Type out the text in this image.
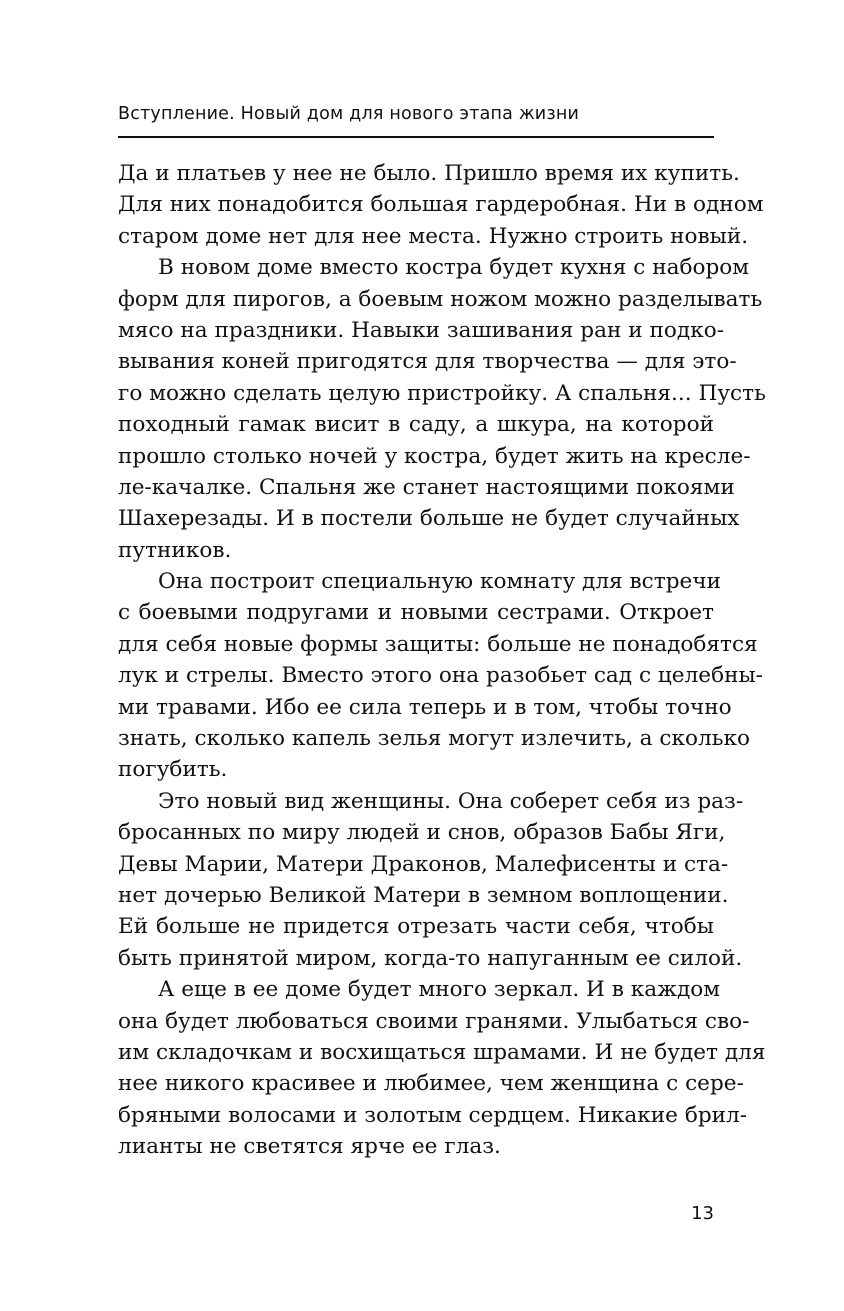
Вступление. Новый дом для нового этапа жизни
Да и платьев у нее не было. Пришло время их купить.
Для них понадобится большая гардеробная. Ни в одном
старом доме нет для нее места. Нужно строить новый.
В новом доме вместо костра будет кухня с набором
форм для пирогов, а боевым ножом можно разделывать
мясо на праздники. Навыки зашивания ран и подко-
вывания коней пригодятся для творчества — для это-
го можно сделать целую пристройку. А спальня... Пусть
походный гамак висит в саду, а шкура, на которой
прошло столько ночей у костра, будет жить на кресле-
ле-качалке. Спальня же станет настоящими покоями
Шахерезады. И в постели больше не будет случайных
путников.
Она построит специальную комнату для встречи
с боевыми подругами и новыми сестрами. Откроет
для себя новые формы защиты: больше не понадобятся
лук и стрелы. Вместо этого она разобьет сад с целебны-
ми травами. Ибо ее сила теперь и в том, чтобы точно
знать, сколько капель зелья могут излечить, а сколько
погубить.
Это новый вид женщины. Она соберет себя из раз-
бросанных по миру людей и снов, образов Бабы Яги,
Девы Марии, Матери Драконов, Малефисенты и ста-
нет дочерью Великой Матери в земном воплощении.
Ей больше не придется отрезать части себя, чтобы
быть принятой миром, когда-то напуганным ее силой.
А еще в ее доме будет много зеркал. И в каждом
она будет любоваться своими гранями. Улыбаться сво-
им складочкам и восхищаться шрамами. И не будет для
нее никого красивее и любимее, чем женщина с сере-
бряными волосами и золотым сердцем. Никакие брил-
лианты не светятся ярче ее глаз.
13
